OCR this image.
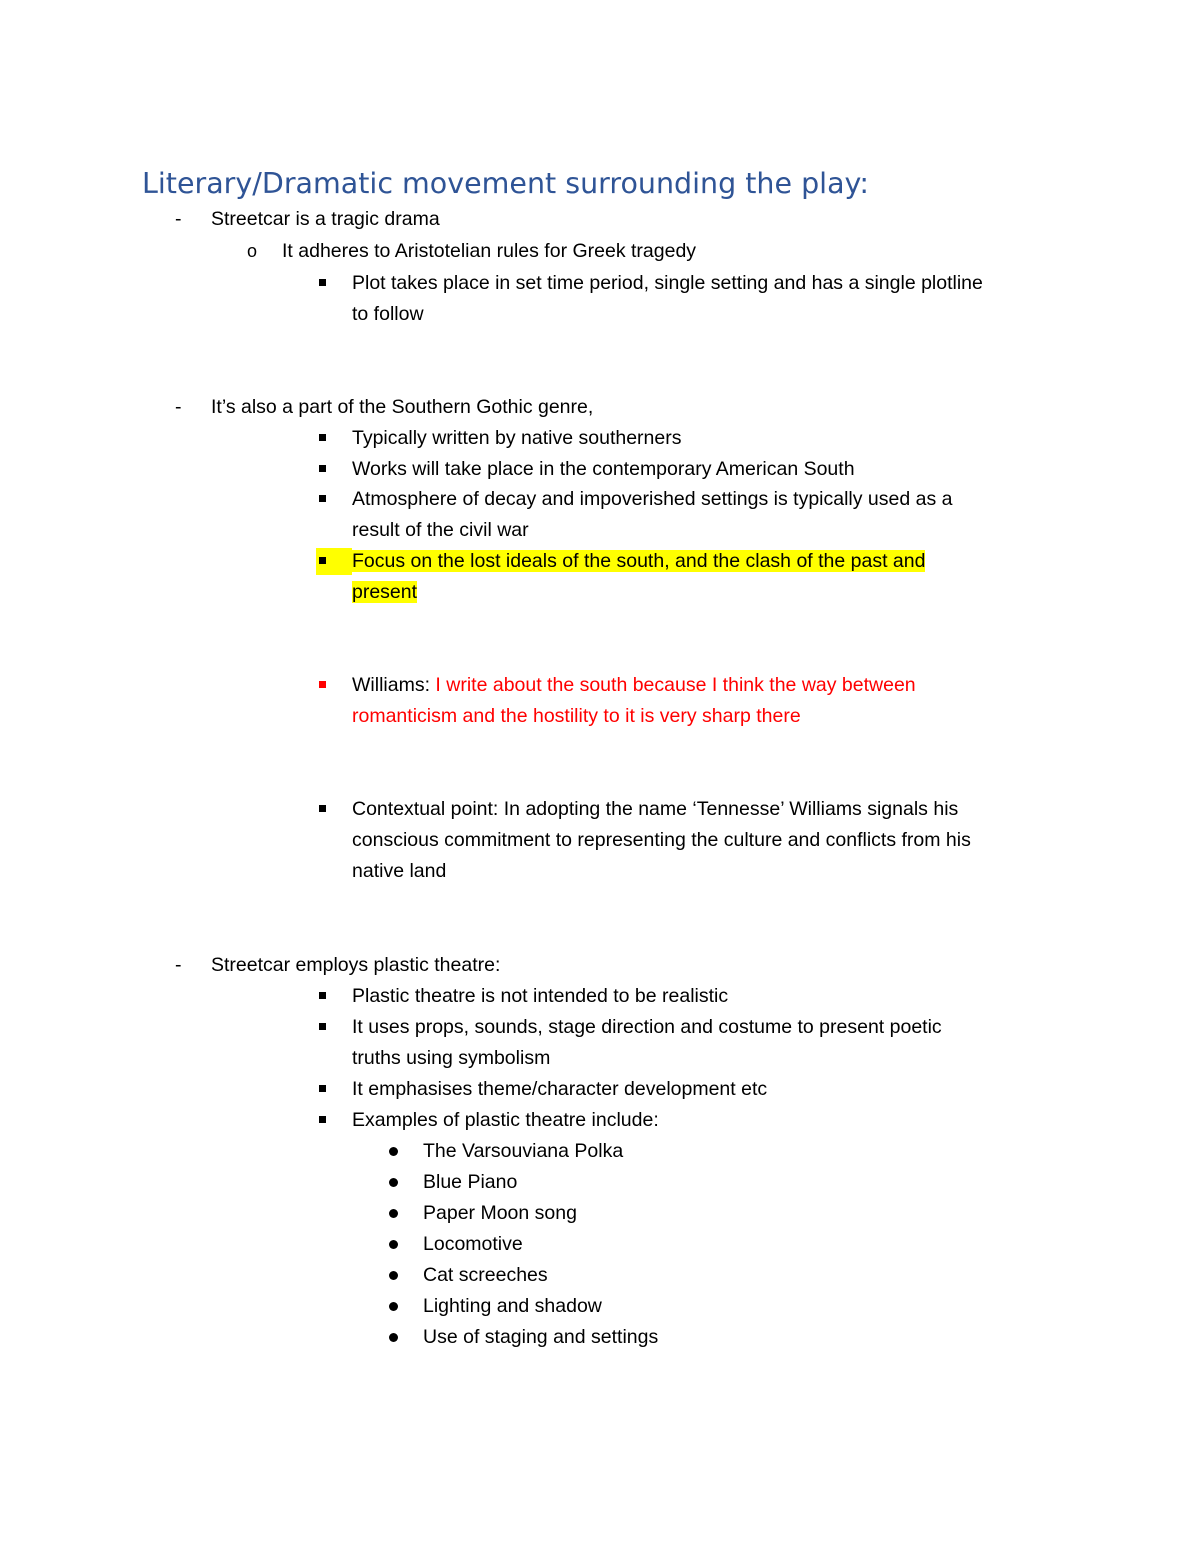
Literary/Dramatic movement surrounding the play:
- Streetcar is a tragic drama
o It adheres to Aristotelian rules for Greek tragedy
Plot takes place in set time period, single setting and has a single plotline
to follow
- It’s also a part of the Southern Gothic genre,
Typically written by native southerners
Works will take place in the contemporary American South
Atmosphere of decay and impoverished settings is typically used as a
result of the civil war
Focus on the lost ideals of the south, and the clash of the past and
present
Williams: I write about the south because I think the way between
romanticism and the hostility to it is very sharp there
Contextual point: In adopting the name ‘Tennesse’ Williams signals his
conscious commitment to representing the culture and conflicts from his
native land
- Streetcar employs plastic theatre:
Plastic theatre is not intended to be realistic
It uses props, sounds, stage direction and costume to present poetic
truths using symbolism
It emphasises theme/character development etc
Examples of plastic theatre include:
The Varsouviana Polka
Blue Piano
Paper Moon song
Locomotive
Cat screeches
Lighting and shadow
Use of staging and settings
